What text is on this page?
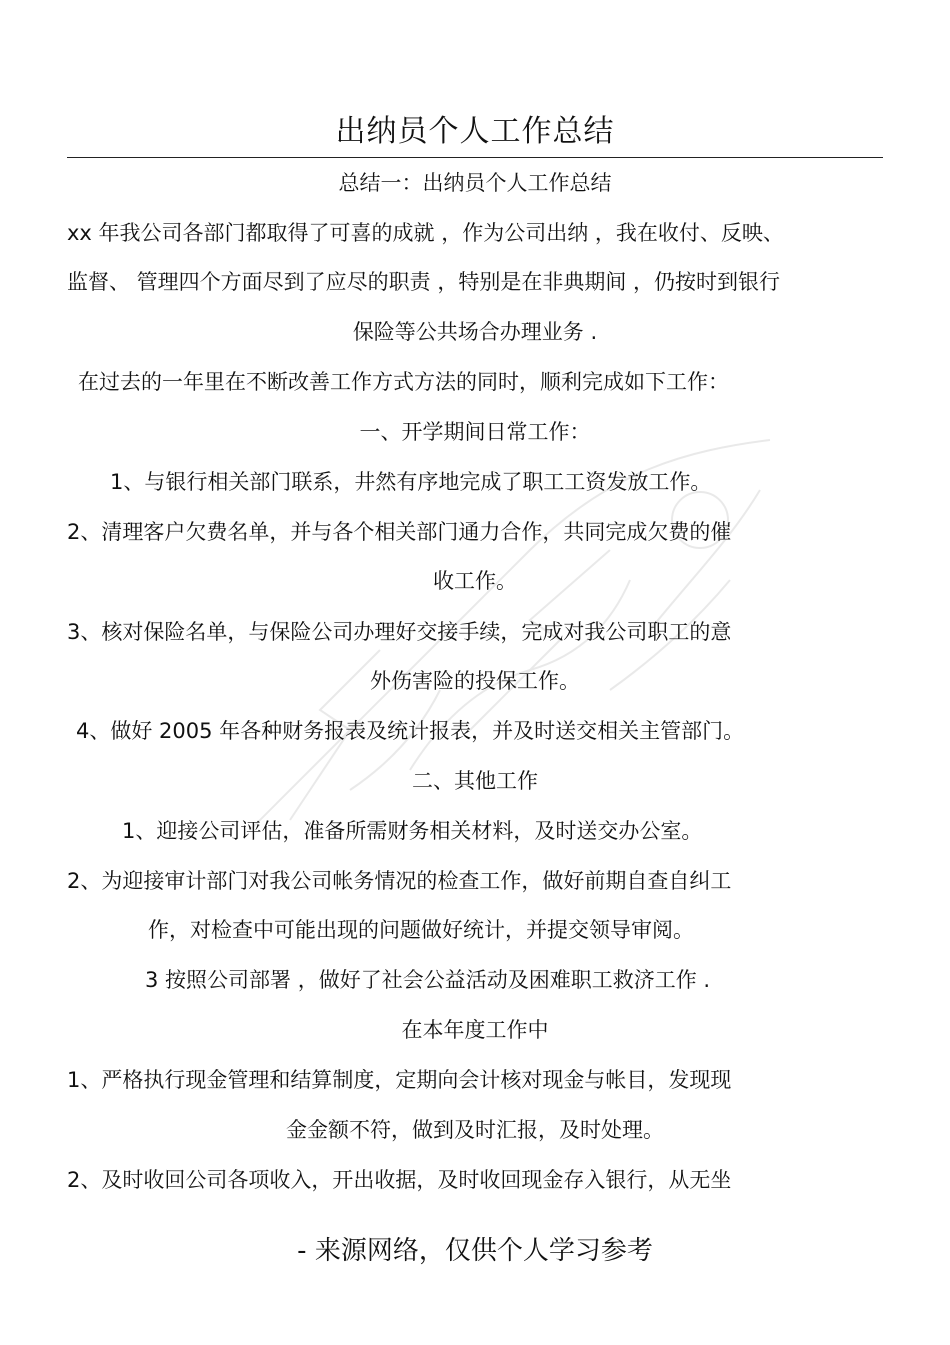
出纳员个人工作总结
总结一：出纳员个人工作总结
xx 年我公司各部门都取得了可喜的成就 ，作为公司出纳 ，我在收付、反映、
监督、 管理四个方面尽到了应尽的职责 ，特别是在非典期间 ，仍按时到银行
保险等公共场合办理业务 .
在过去的一年里在不断改善工作方式方法的同时，顺利完成如下工作：
一、开学期间日常工作：
1、与银行相关部门联系，井然有序地完成了职工工资发放工作。
2、清理客户欠费名单，并与各个相关部门通力合作，共同完成欠费的催
收工作。
3、核对保险名单，与保险公司办理好交接手续，完成对我公司职工的意
外伤害险的投保工作。
4、做好 2005 年各种财务报表及统计报表，并及时送交相关主管部门。
二、其他工作
1、迎接公司评估，准备所需财务相关材料，及时送交办公室。
2、为迎接审计部门对我公司帐务情况的检查工作，做好前期自查自纠工
作，对检查中可能出现的问题做好统计，并提交领导审阅。
3 按照公司部署 ，做好了社会公益活动及困难职工救济工作 .
在本年度工作中
1、严格执行现金管理和结算制度，定期向会计核对现金与帐目，发现现
金金额不符，做到及时汇报，及时处理。
2、及时收回公司各项收入，开出收据，及时收回现金存入银行，从无坐
- 来源网络，仅供个人学习参考
